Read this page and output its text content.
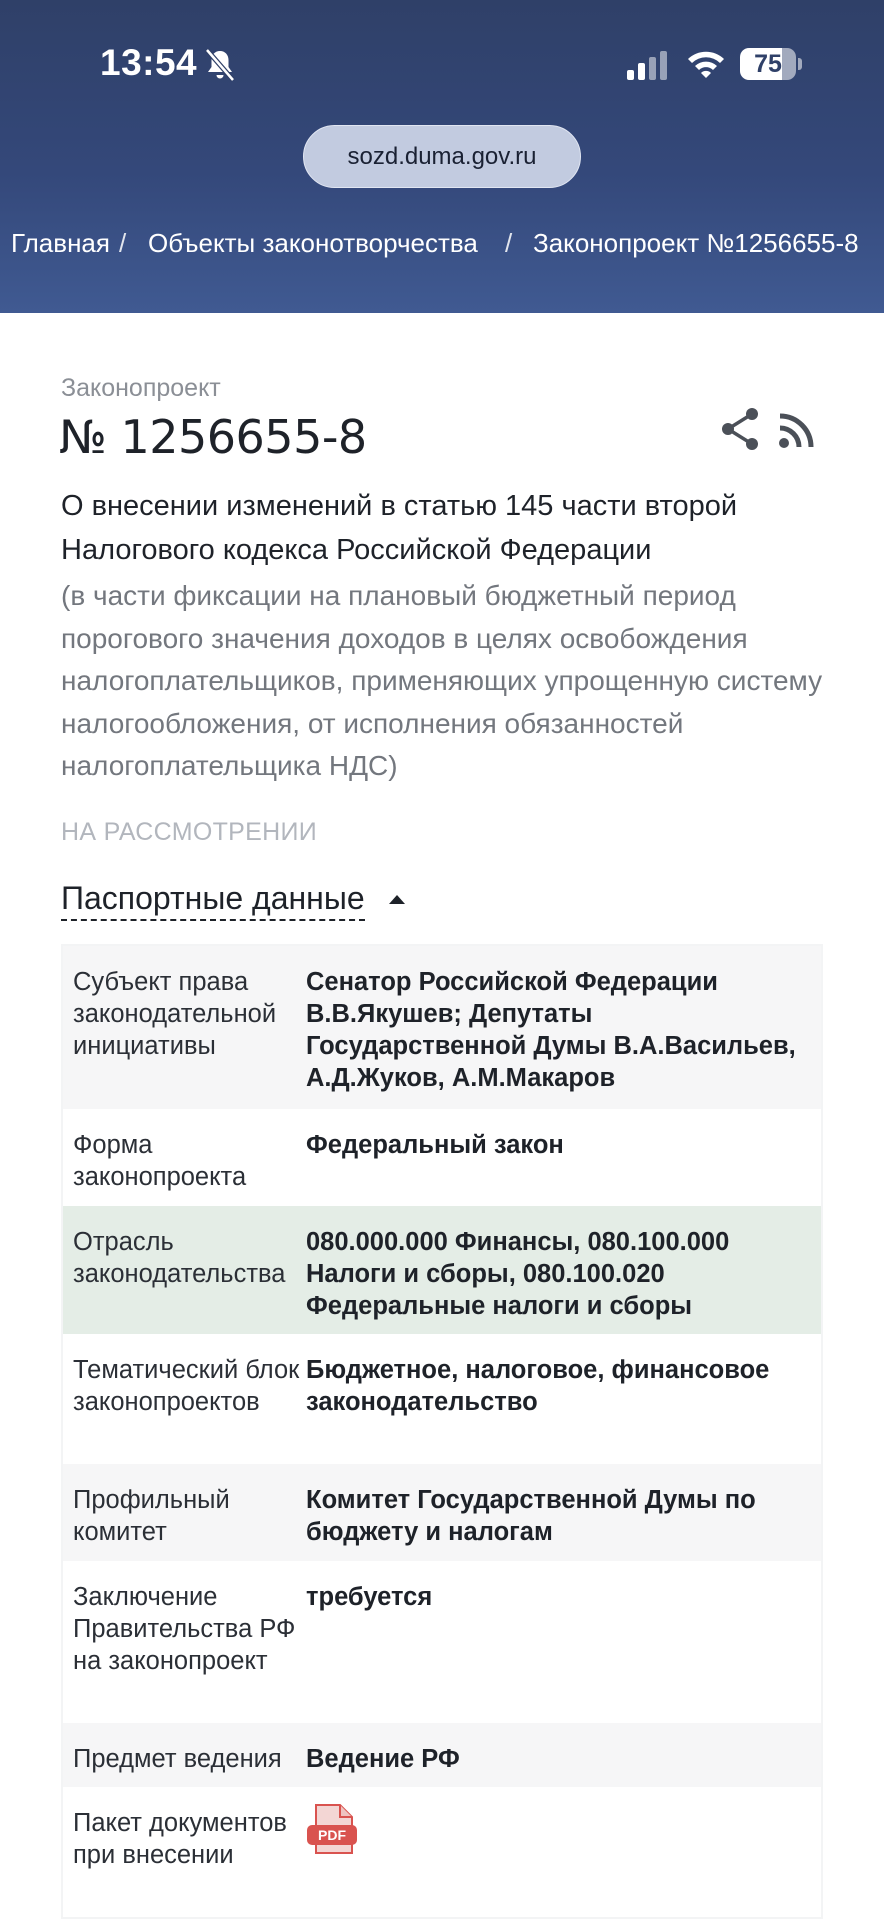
13:54	75
sozd.duma.gov.ru
Главная / Объекты законотворчества / Законопроект №1256655-8
Законопроект
№ 1256655-8
О внесении изменений в статью 145 части второй Налогового кодекса Российской Федерации
(в части фиксации на плановый бюджетный период порогового значения доходов в целях освобождения налогоплательщиков, применяющих упрощенную систему налогообложения, от исполнения обязанностей налогоплательщика НДС)
НА РАССМОТРЕНИИ
Паспортные данные
Субъект права законодательной инициативы
Сенатор Российской Федерации В.В.Якушев; Депутаты Государственной Думы В.А.Васильев, А.Д.Жуков, А.М.Макаров
Форма законопроекта
Федеральный закон
Отрасль законодательства
080.000.000 Финансы, 080.100.000 Налоги и сборы, 080.100.020 Федеральные налоги и сборы
Тематический блок законопроектов
Бюджетное, налоговое, финансовое законодательство
Профильный комитет
Комитет Государственной Думы по бюджету и налогам
Заключение Правительства РФ на законопроект
требуется
Предмет ведения Ведение РФ
Пакет документов при внесении
PDF
